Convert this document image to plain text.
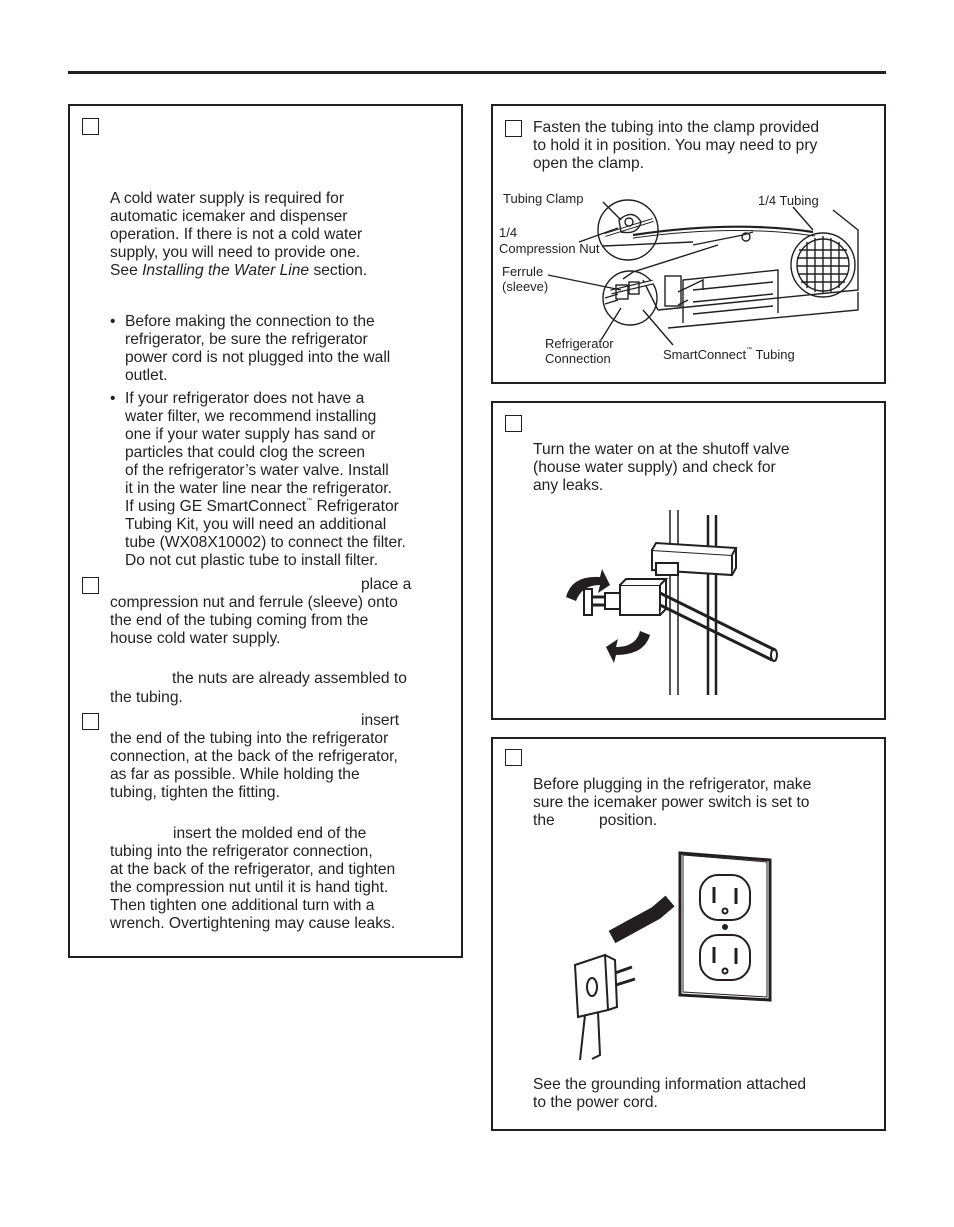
A cold water supply is required for
automatic icemaker and dispenser
operation. If there is not a cold water
supply, you will need to provide one.
See Installing the Water Line section.
• Before making the connection to the
refrigerator, be sure the refrigerator
power cord is not plugged into the wall
outlet.
• If your refrigerator does not have a
water filter, we recommend installing
one if your water supply has sand or
particles that could clog the screen
of the refrigerator’s water valve. Install
it in the water line near the refrigerator.
If using GE SmartConnect™ Refrigerator
Tubing Kit, you will need an additional
tube (WX08X10002) to connect the filter.
Do not cut plastic tube to install filter.
place a
compression nut and ferrule (sleeve) onto
the end of the tubing coming from the
house cold water supply.
the nuts are already assembled to
the tubing.
insert
the end of the tubing into the refrigerator
connection, at the back of the refrigerator,
as far as possible. While holding the
tubing, tighten the fitting.
insert the molded end of the
tubing into the refrigerator connection,
at the back of the refrigerator, and tighten
the compression nut until it is hand tight.
Then tighten one additional turn with a
wrench. Overtightening may cause leaks.
Fasten the tubing into the clamp provided
to hold it in position. You may need to pry
open the clamp.
Tubing Clamp	1/4 Tubing
1/4
Compression Nut
Ferrule
(sleeve)
Refrigerator
Connection	SmartConnect™ Tubing
Turn the water on at the shutoff valve
(house water supply) and check for
any leaks.
Before plugging in the refrigerator, make
sure the icemaker power switch is set to
the	position.
See the grounding information attached
to the power cord.
